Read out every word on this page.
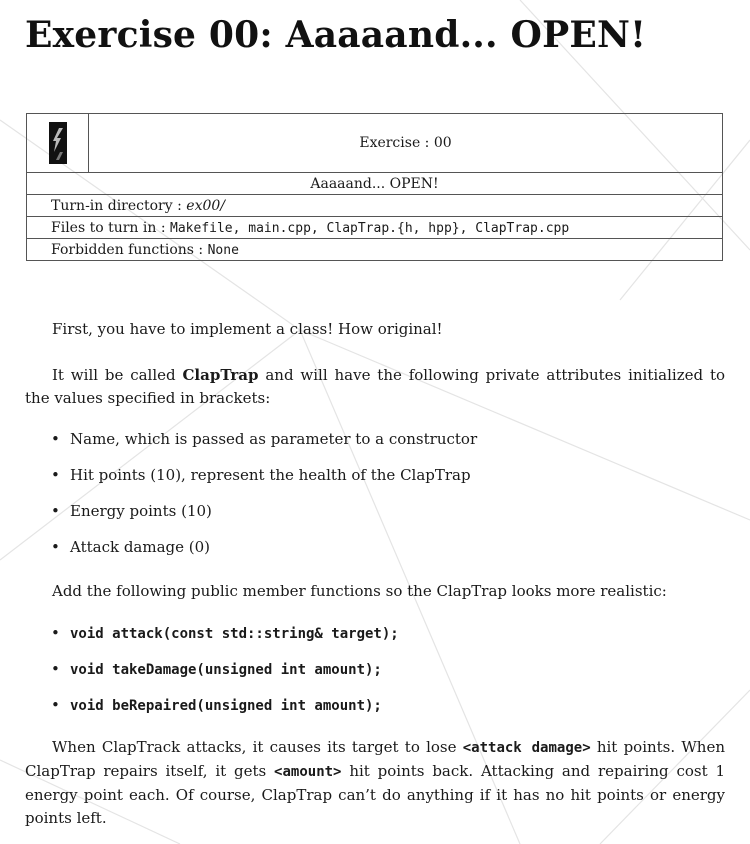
Exercise 00: Aaaaand... OPEN!
	Exercise : 00
Aaaaand... OPEN!
Turn-in directory : ex00/
Files to turn in : Makefile, main.cpp, ClapTrap.{h, hpp}, ClapTrap.cpp
Forbidden functions : None

First, you have to implement a class! How original!

It will be called ClapTrap and will have the following private attributes initialized to the values specified in brackets:

• Name, which is passed as parameter to a constructor
• Hit points (10), represent the health of the ClapTrap
• Energy points (10)
• Attack damage (0)

Add the following public member functions so the ClapTrap looks more realistic:

• void attack(const std::string& target);
• void takeDamage(unsigned int amount);
• void beRepaired(unsigned int amount);

When ClapTrack attacks, it causes its target to lose <attack damage> hit points. When ClapTrap repairs itself, it gets <amount> hit points back. Attacking and repairing cost 1 energy point each. Of course, ClapTrap can’t do anything if it has no hit points or energy points left.
